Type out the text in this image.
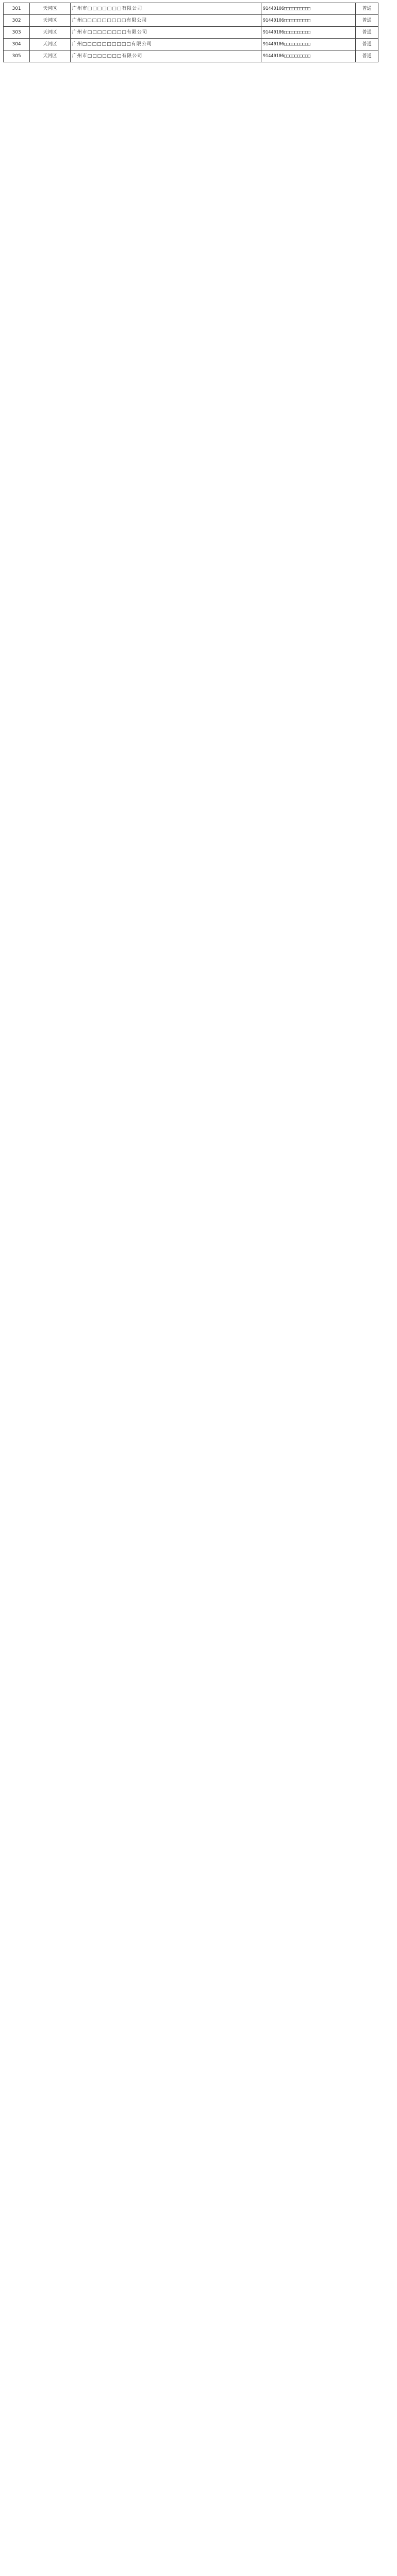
301	天河区	广州市□□□□□□□有限公司	91440106□□□□□□□□□□	普通
302	天河区	广州□□□□□□□□□有限公司	91440106□□□□□□□□□□	普通
303	天河区	广州市□□□□□□□□有限公司	91440106□□□□□□□□□□	普通
304	天河区	广州□□□□□□□□□□有限公司	91440106□□□□□□□□□□	普通
305	天河区	广州市□□□□□□□有限公司	91440106□□□□□□□□□□	普通
